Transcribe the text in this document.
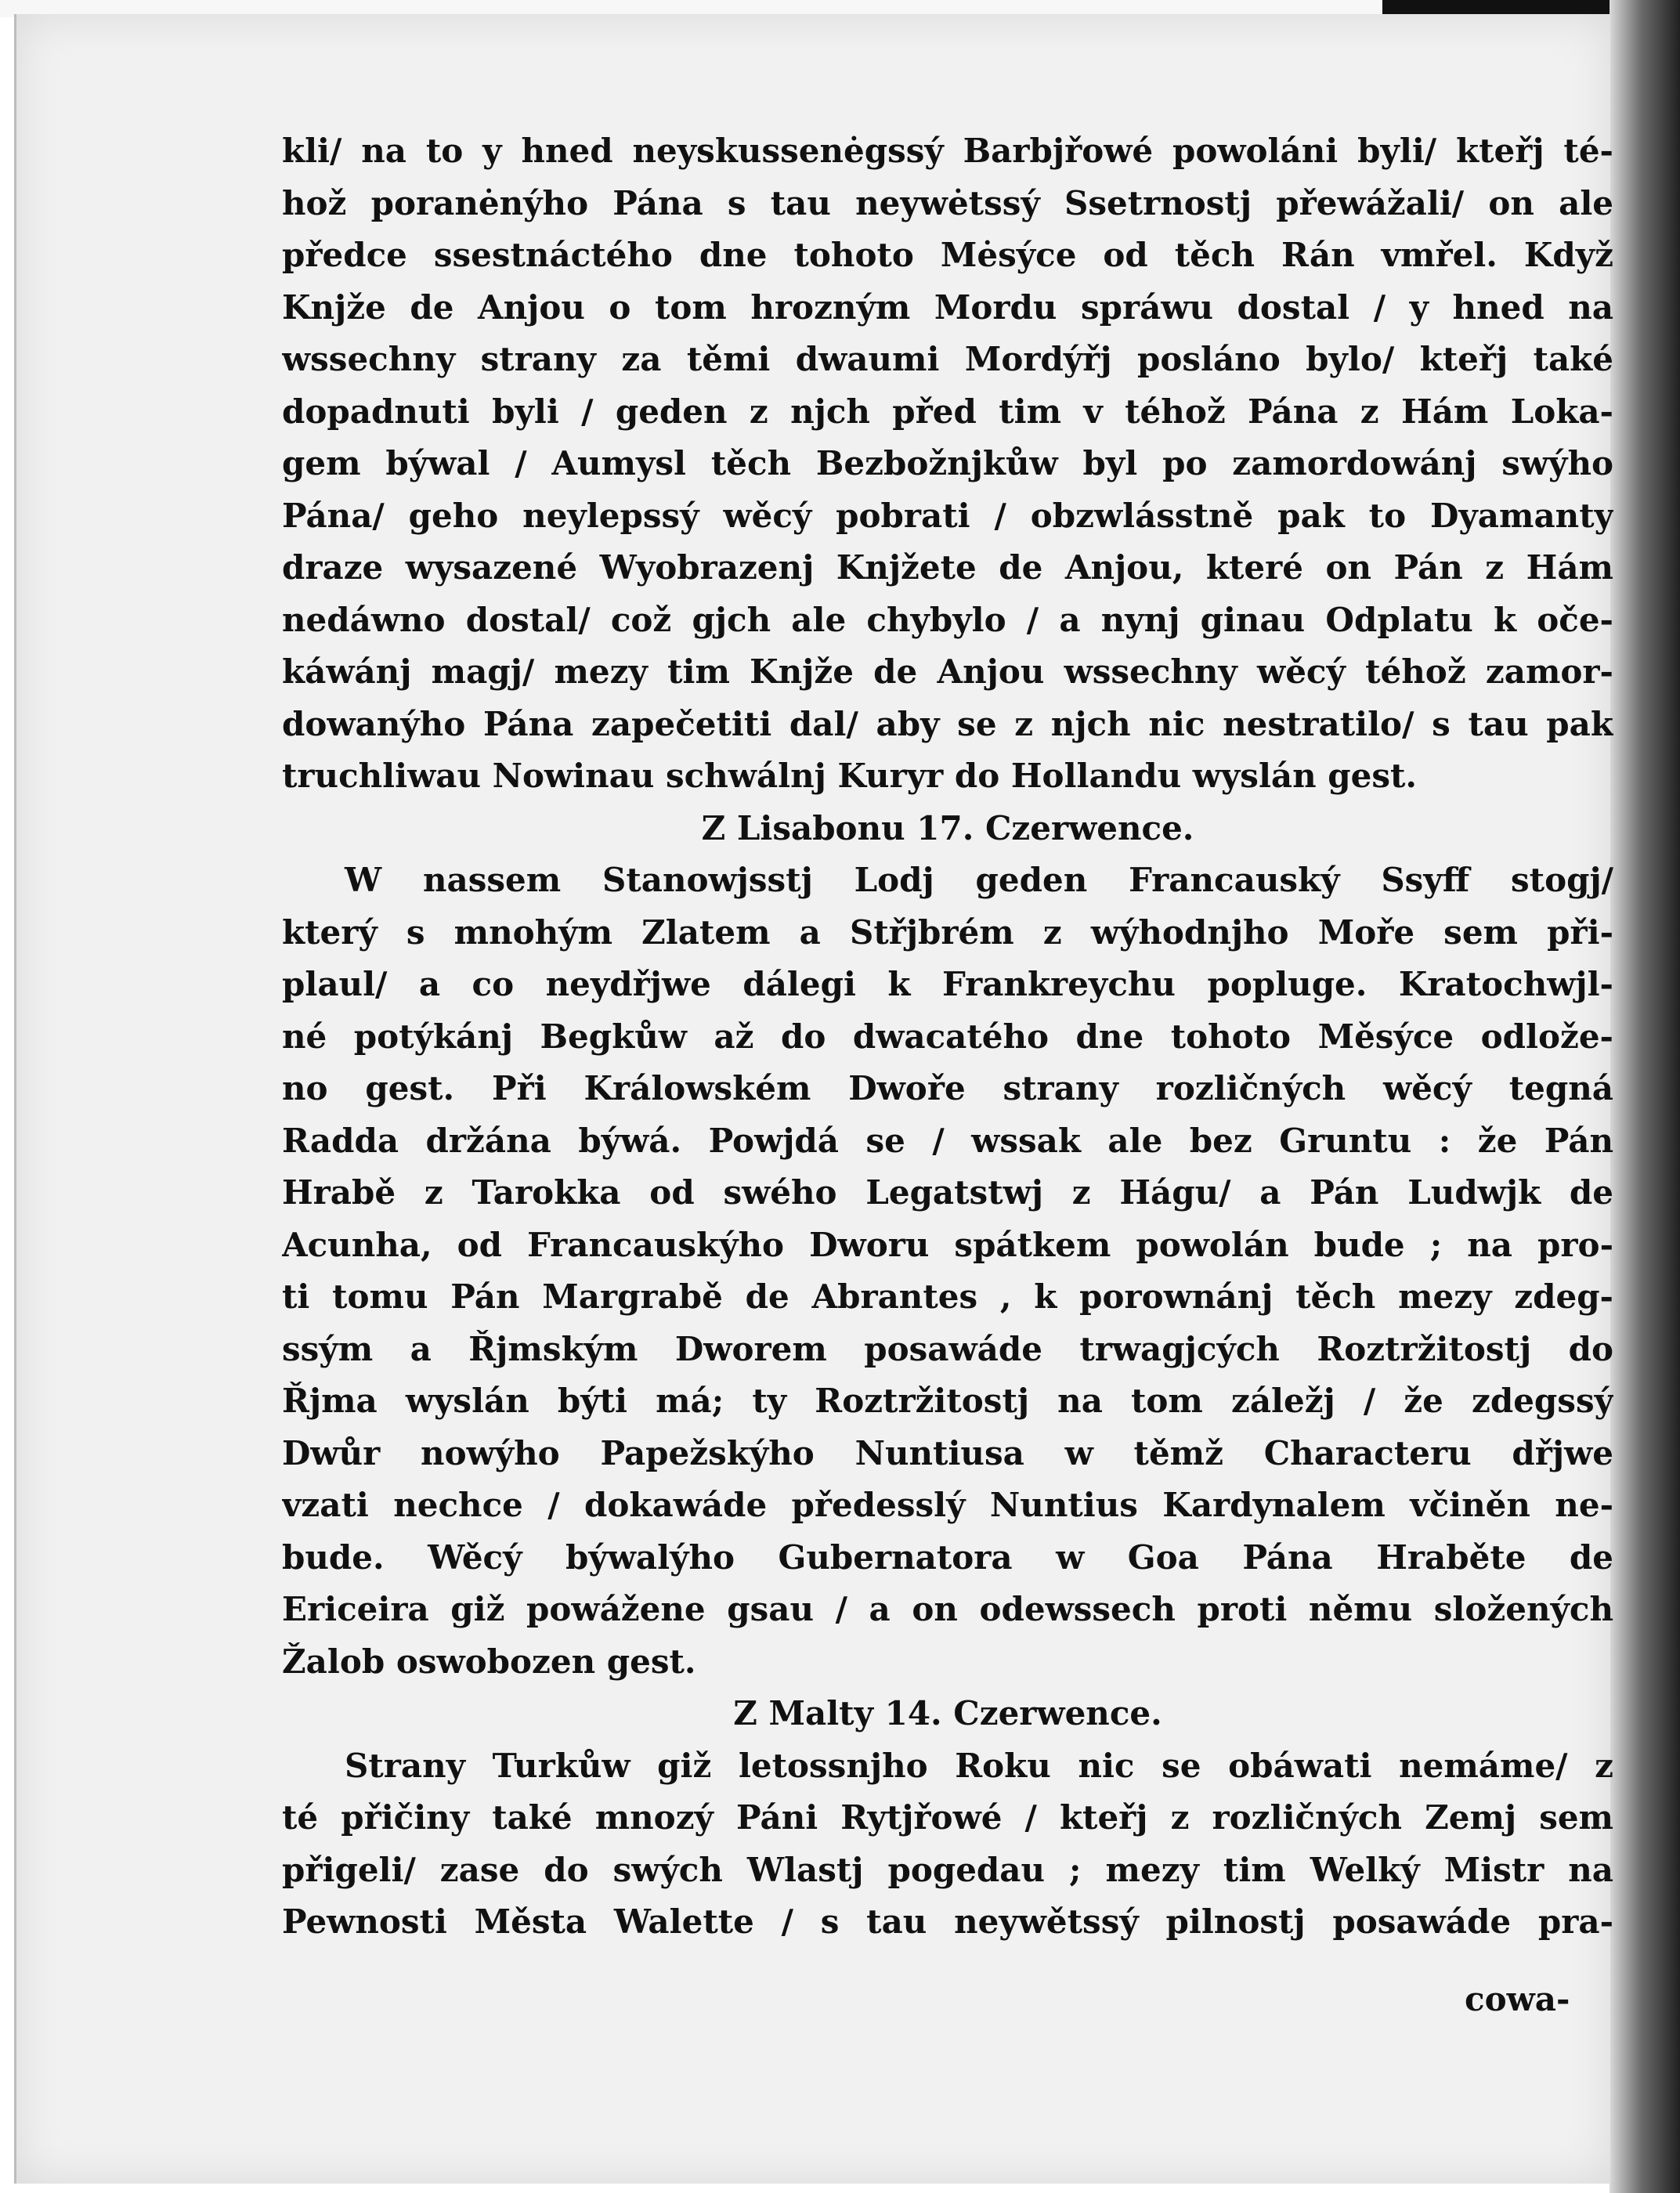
kli/ na to y hned neyskussenėgssý Barbjřowé powoláni byli/ kteřj té-
hož poranėnýho Pána s tau neywėtssý Ssetrnostj přewážali/ on ale
předce ssestnáctého dne tohoto Mėsýce od těch Rán vmřel. Když
Knjže de Anjou o tom hrozným Mordu spráwu dostal / y hned na
wssechny strany za těmi dwaumi Mordýřj posláno bylo/ kteřj také
dopadnuti byli / geden z njch před tim v téhož Pána z Hám Loka-
gem býwal / Aumysl těch Bezbožnjkůw byl po zamordowánj swýho
Pána/ geho neylepssý wěcý pobrati / obzwlásstně pak to Dyamanty
draze wysazené Wyobrazenj Knjžete de Anjou, které on Pán z Hám
nedáwno dostal/ což gjch ale chybylo / a nynj ginau Odplatu k oče-
káwánj magj/ mezy tim Knjže de Anjou wssechny wěcý téhož zamor-
dowanýho Pána zapečetiti dal/ aby se z njch nic nestratilo/ s tau pak
truchliwau Nowinau schwálnj Kuryr do Hollandu wyslán gest.
Z Lisabonu 17. Czerwence.
W nassem Stanowjsstj Lodj geden Francauský Ssyff stogj/
který s mnohým Zlatem a Střjbrém z wýhodnjho Moře sem při-
plaul/ a co neydřjwe dálegi k Frankreychu popluge. Kratochwjl-
né potýkánj Begkůw až do dwacatého dne tohoto Měsýce odlože-
no gest. Při Králowském Dwoře strany rozličných wěcý tegná
Radda držána býwá. Powjdá se / wssak ale bez Gruntu : že Pán
Hrabě z Tarokka od swého Legatstwj z Hágu/ a Pán Ludwjk de
Acunha, od Francauskýho Dworu spátkem powolán bude ; na pro-
ti tomu Pán Margrabě de Abrantes , k porownánj těch mezy zdeg-
ssým a Řjmským Dworem posawáde trwagjcých Roztržitostj do
Řjma wyslán býti má; ty Roztržitostj na tom záležj / že zdegssý
Dwůr nowýho Papežskýho Nuntiusa w těmž Characteru dřjwe
vzati nechce / dokawáde předesslý Nuntius Kardynalem včiněn ne-
bude. Wěcý býwalýho Gubernatora w Goa Pána Hraběte de
Ericeira giž powážene gsau / a on odewssech proti němu složených
Žalob oswobozen gest.
Z Malty 14. Czerwence.
Strany Turkůw giž letossnjho Roku nic se obáwati nemáme/ z
té přičiny také mnozý Páni Rytjřowé / kteřj z rozličných Zemj sem
přigeli/ zase do swých Wlastj pogedau ; mezy tim Welký Mistr na
Pewnosti Města Walette / s tau neywětssý pilnostj posawáde pra-
cowa-
